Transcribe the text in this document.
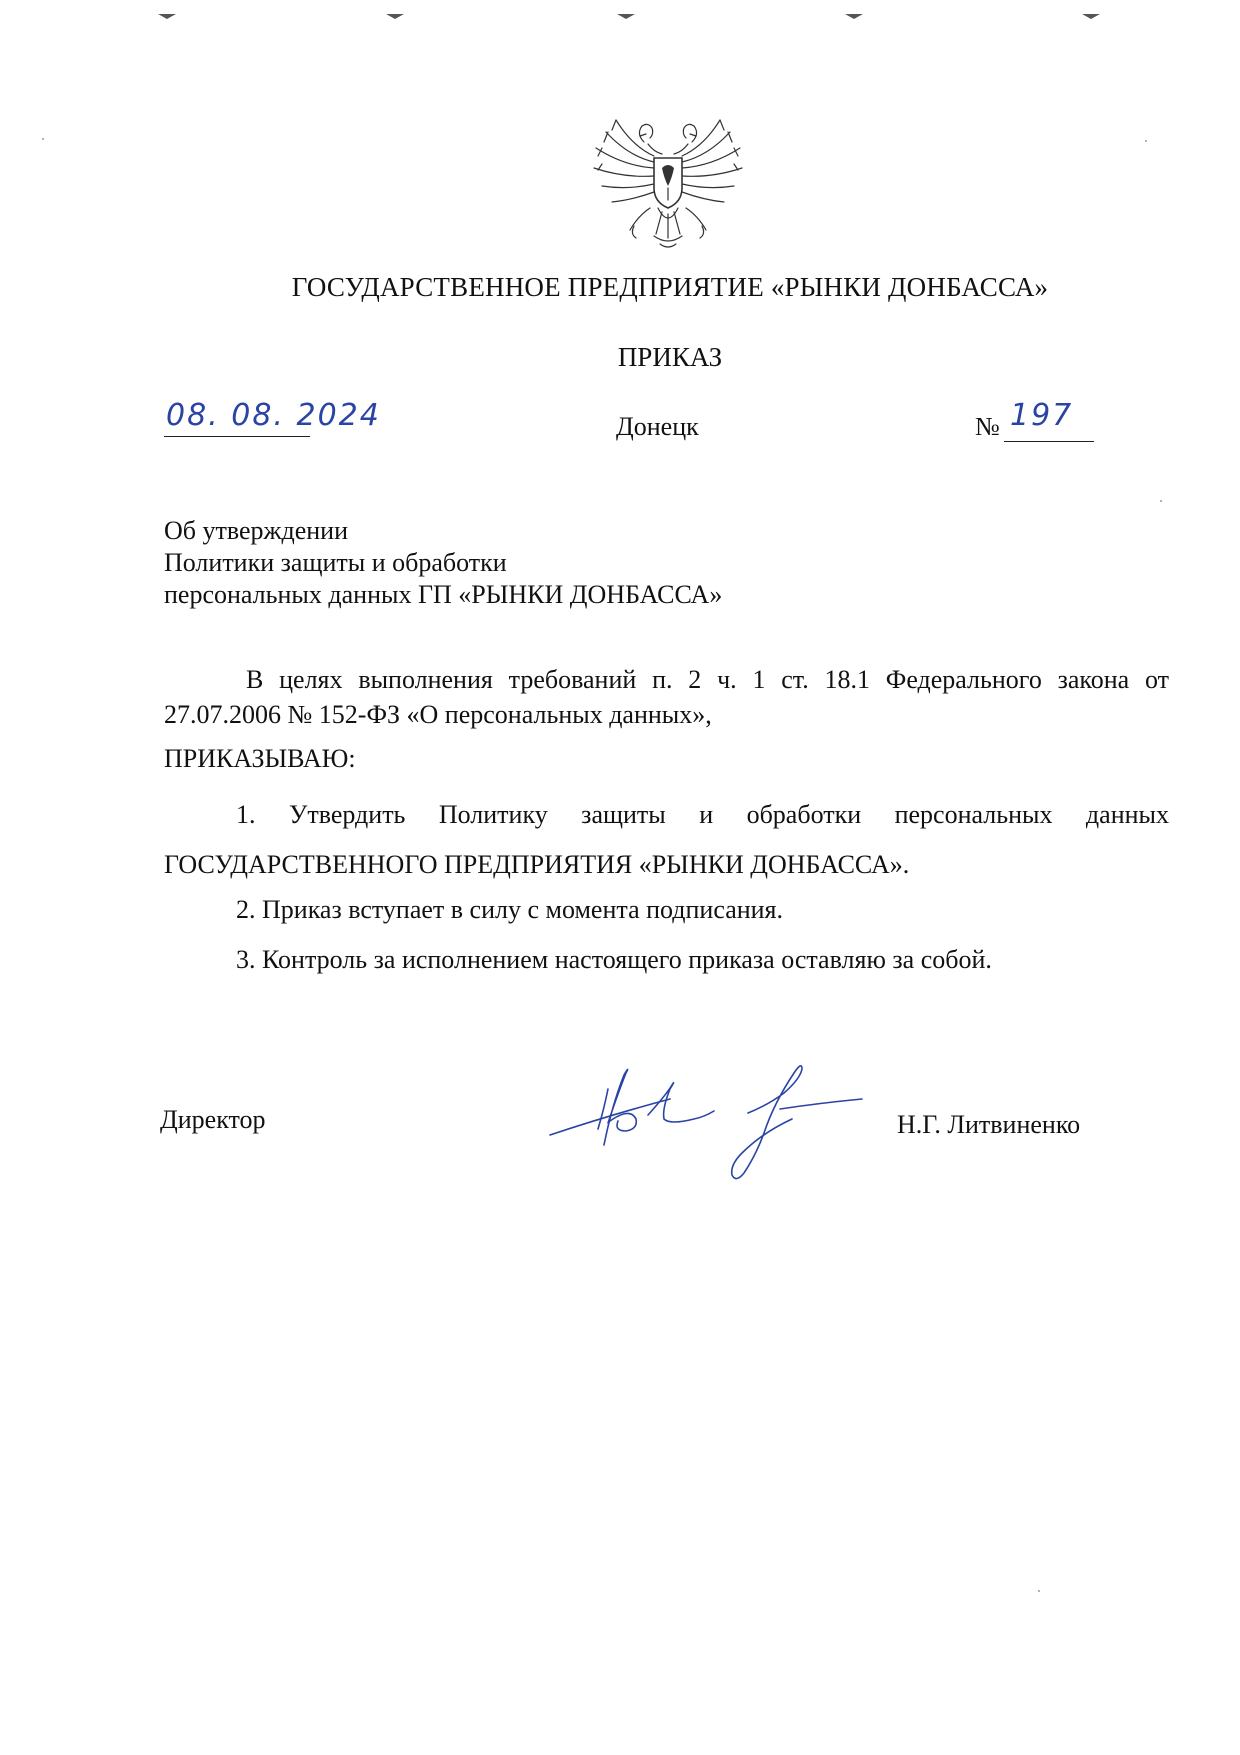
ГОСУДАРСТВЕННОЕ ПРЕДПРИЯТИЕ «РЫНКИ ДОНБАССА»
ПРИКАЗ
08. 08. 2024	Донецк	№ 197
Об утверждении
Политики защиты и обработки
персональных данных ГП «РЫНКИ ДОНБАССА»
В целях выполнения требований п. 2 ч. 1 ст. 18.1 Федерального закона от
27.07.2006 № 152-ФЗ «О персональных данных»,
ПРИКАЗЫВАЮ:
1. Утвердить Политику защиты и обработки персональных данных
ГОСУДАРСТВЕННОГО ПРЕДПРИЯТИЯ «РЫНКИ ДОНБАССА».
2. Приказ вступает в силу с момента подписания.
3. Контроль за исполнением настоящего приказа оставляю за собой.
Директор	Н.Г. Литвиненко
